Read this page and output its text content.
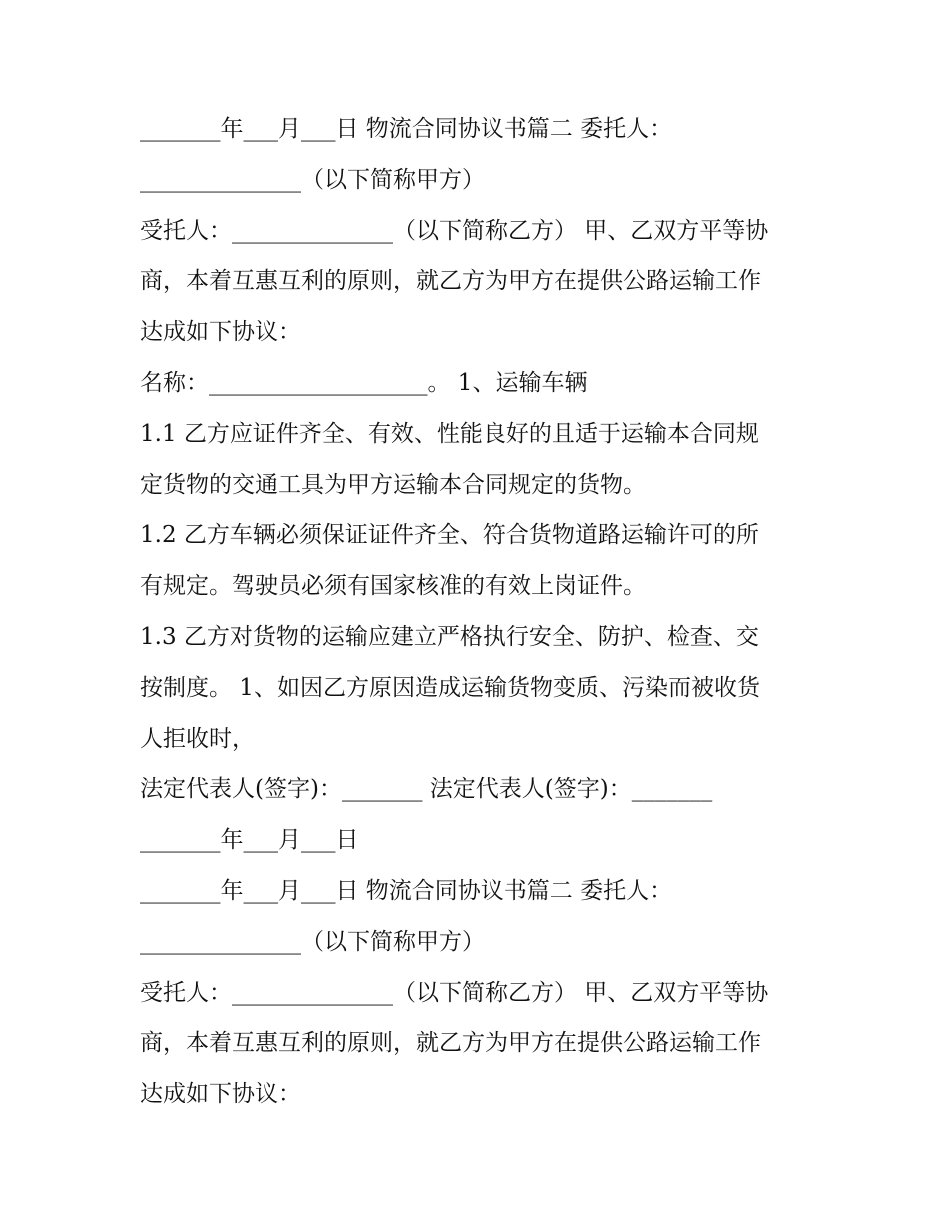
_______年___月___日 物流合同协议书篇二 委托人：
______________（以下简称甲方）
受托人：______________（以下简称乙方） 甲、乙双方平等协
商，本着互惠互利的原则，就乙方为甲方在提供公路运输工作
达成如下协议：
名称：___________________。 1、运输车辆
1.1 乙方应证件齐全、有效、性能良好的且适于运输本合同规
定货物的交通工具为甲方运输本合同规定的货物。
1.2 乙方车辆必须保证证件齐全、符合货物道路运输许可的所
有规定。驾驶员必须有国家核准的有效上岗证件。
1.3 乙方对货物的运输应建立严格执行安全、防护、检查、交
按制度。 1、如因乙方原因造成运输货物变质、污染而被收货
人拒收时，
法定代表人(签字)：_______ 法定代表人(签字)：_______
_______年___月___日
_______年___月___日 物流合同协议书篇二 委托人：
______________（以下简称甲方）
受托人：______________（以下简称乙方） 甲、乙双方平等协
商，本着互惠互利的原则，就乙方为甲方在提供公路运输工作
达成如下协议：
